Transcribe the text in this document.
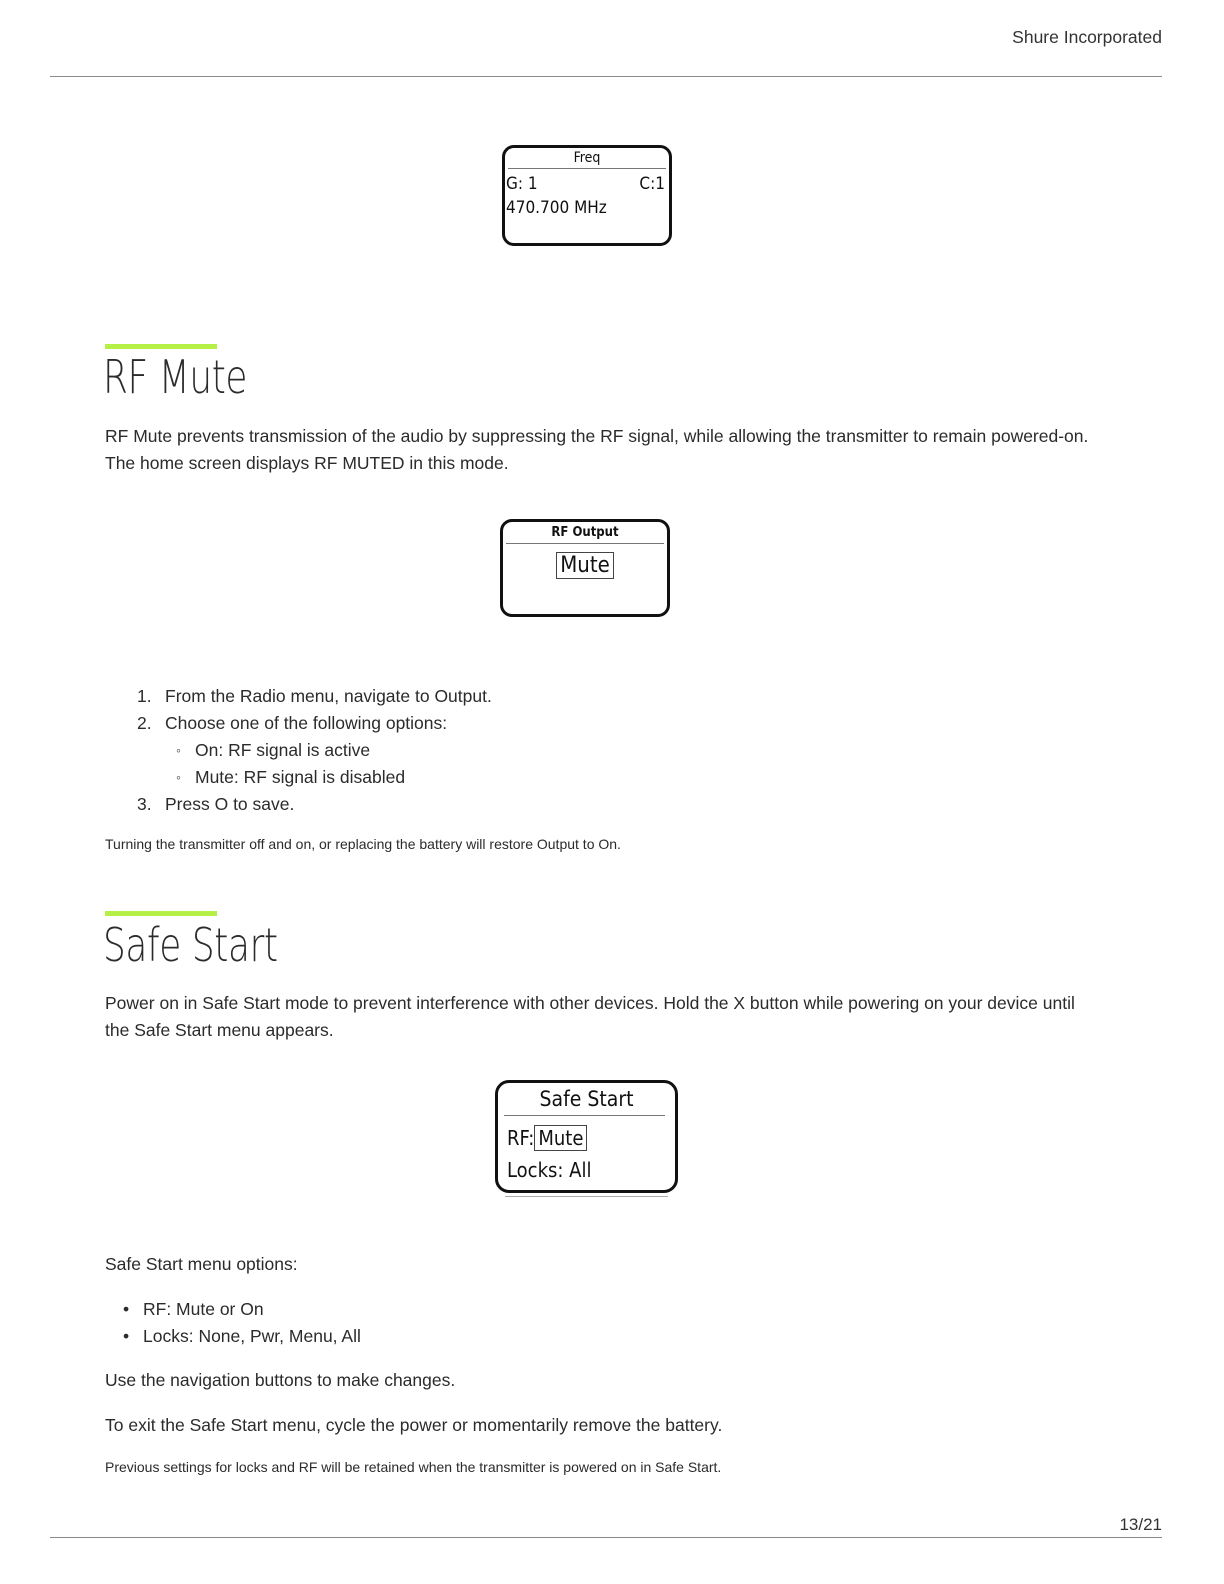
Shure Incorporated
Freq
G: 1	C:1
470.700 MHz
RF Mute

RF Mute prevents transmission of the audio by suppressing the RF signal, while allowing the transmitter to remain powered-on.
The home screen displays RF MUTED in this mode.

RF Output
Mute
1. From the Radio menu, navigate to Output.
2. Choose one of the following options:
◦ On: RF signal is active
◦ Mute: RF signal is disabled
3. Press O to save.

Turning the transmitter off and on, or replacing the battery will restore Output to On.

Safe Start

Power on in Safe Start mode to prevent interference with other devices. Hold the X button while powering on your device until
the Safe Start menu appears.

Safe Start
RF: Mute
Locks: All

Safe Start menu options:

• RF: Mute or On
• Locks: None, Pwr, Menu, All

Use the navigation buttons to make changes.

To exit the Safe Start menu, cycle the power or momentarily remove the battery.

Previous settings for locks and RF will be retained when the transmitter is powered on in Safe Start.

13/21
